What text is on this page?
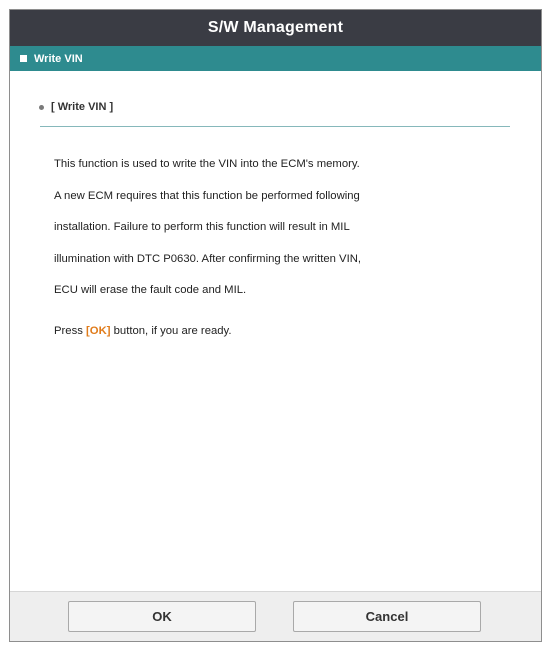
S/W Management
Write VIN
[ Write VIN ]

This function is used to write the VIN into the ECM's memory.

A new ECM requires that this function be performed following

installation. Failure to perform this function will result in MIL

illumination with DTC P0630. After confirming the written VIN,

ECU will erase the fault code and MIL.

Press [OK] button, if you are ready.
OK	Cancel
